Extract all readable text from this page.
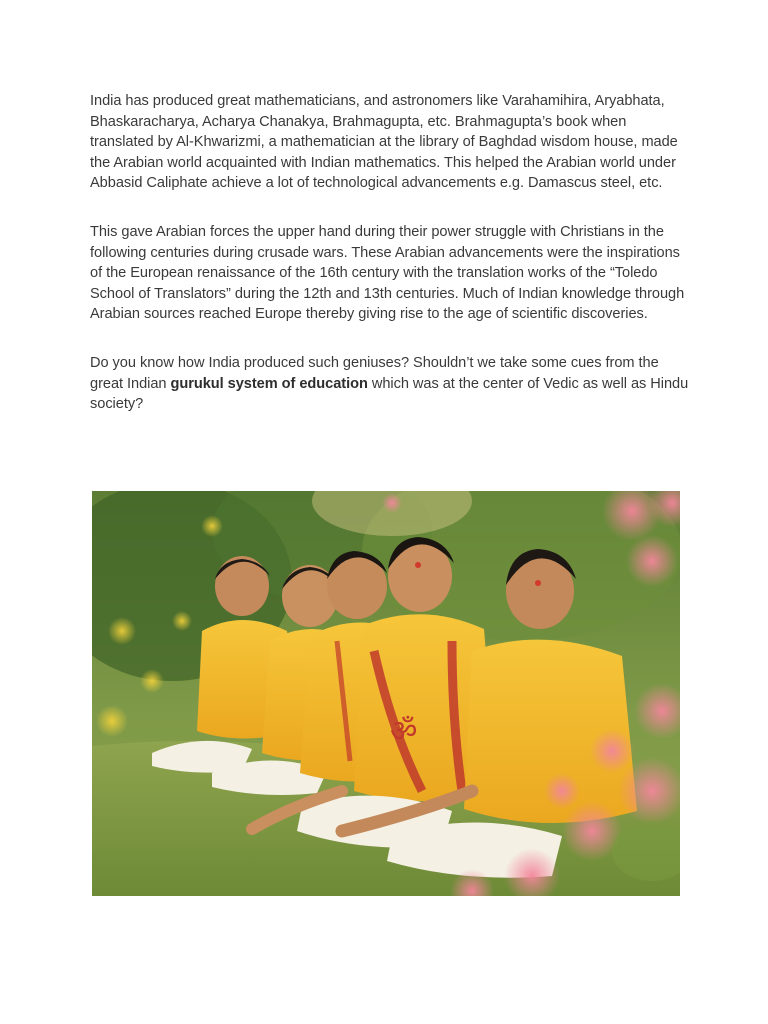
India has produced great mathematicians, and astronomers like Varahamihira, Aryabhata, Bhaskaracharya, Acharya Chanakya, Brahmagupta, etc. Brahmagupta’s book when translated by Al-Khwarizmi, a mathematician at the library of Baghdad wisdom house, made the Arabian world acquainted with Indian mathematics. This helped the Arabian world under Abbasid Caliphate achieve a lot of technological advancements e.g. Damascus steel, etc.

This gave Arabian forces the upper hand during their power struggle with Christians in the following centuries during crusade wars. These Arabian advancements were the inspirations of the European renaissance of the 16th century with the translation works of the “Toledo School of Translators” during the 12th and 13th centuries. Much of Indian knowledge through Arabian sources reached Europe thereby giving rise to the age of scientific discoveries.

Do you know how India produced such geniuses? Shouldn’t we take some cues from the great Indian gurukul system of education which was at the center of Vedic as well as Hindu society?

ॐ
